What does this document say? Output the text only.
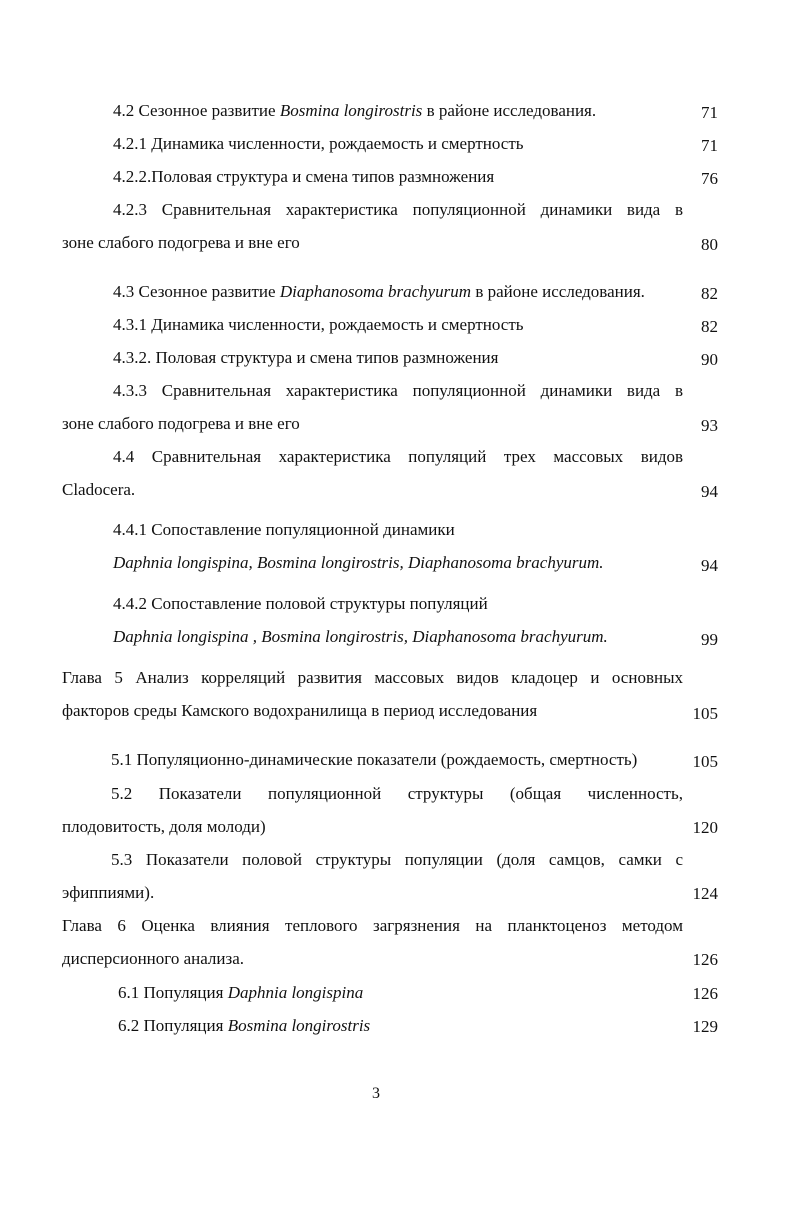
4.2 Сезонное развитие Bosmina longirostris в районе исследования.	71
4.2.1 Динамика численности, рождаемость и смертность	71
4.2.2.Половая структура и смена типов размножения	76
4.2.3 Сравнительная характеристика популяционной динамики вида в
зоне слабого подогрева и вне его	80
4.3 Сезонное развитие Diaphanosoma brachyurum в районе исследования.	82
4.3.1 Динамика численности, рождаемость и смертность	82
4.3.2. Половая структура и смена типов размножения	90
4.3.3 Сравнительная характеристика популяционной динамики вида в
зоне слабого подогрева и вне его	93
4.4 Сравнительная характеристика популяций трех массовых видов
Cladocera.	94
4.4.1 Сопоставление популяционной динамики
Daphnia longispina, Bosmina longirostris, Diaphanosoma brachyurum.	94
4.4.2 Сопоставление половой структуры популяций
Daphnia longispina , Bosmina longirostris, Diaphanosoma brachyurum.	99
Глава 5 Анализ корреляций развития массовых видов кладоцер и основных
факторов среды Камского водохранилища в период исследования	105
5.1 Популяционно-динамические показатели (рождаемость, смертность)	105
5.2 Показатели популяционной структуры (общая численность,
плодовитость, доля молоди)	120
5.3 Показатели половой структуры популяции (доля самцов, самки с
эфиппиями).	124
Глава 6 Оценка влияния теплового загрязнения на планктоценоз методом
дисперсионного анализа.	126
6.1 Популяция Daphnia longispina	126
6.2 Популяция Bosmina longirostris	129
3
